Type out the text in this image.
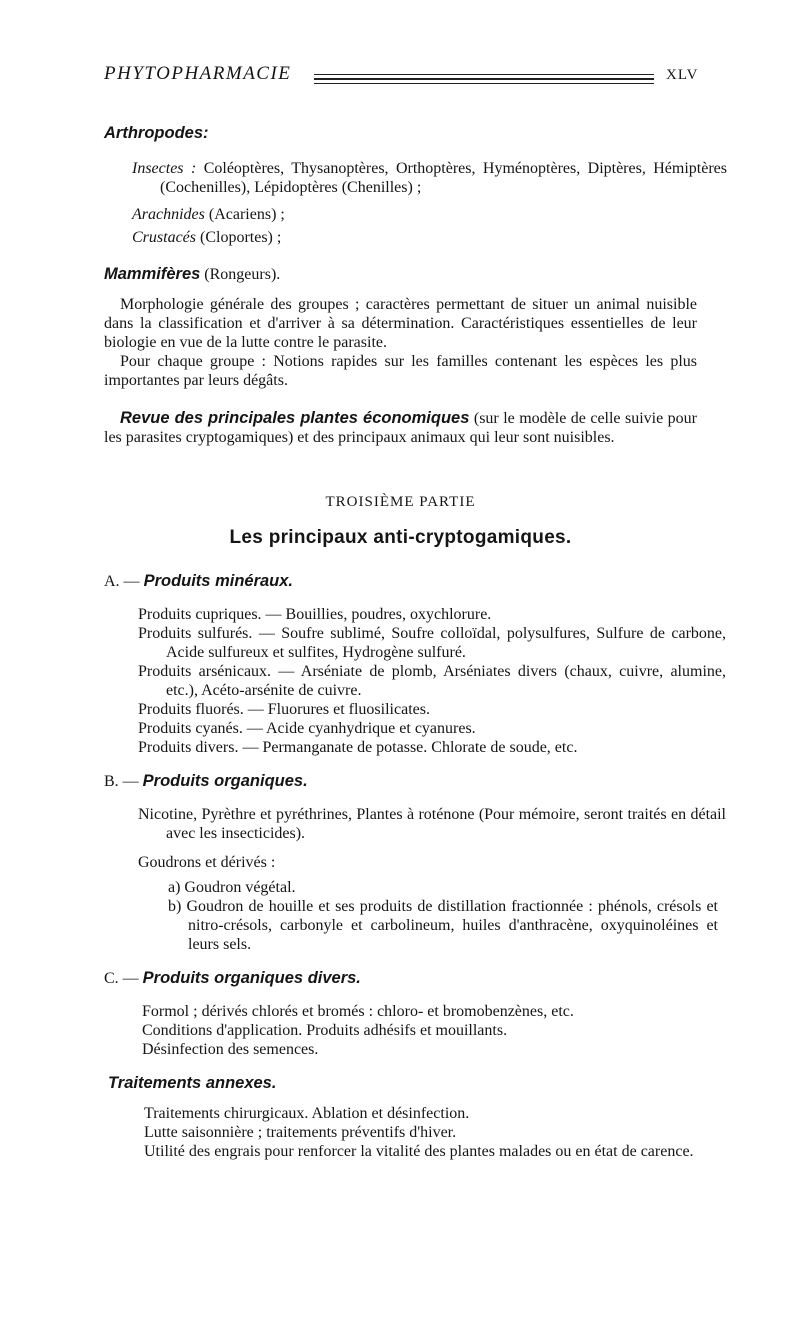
PHYTOPHARMACIE	XLV
Arthropodes:
Insectes : Coléoptères, Thysanoptères, Orthoptères, Hyménoptères, Diptères, Hémiptères (Cochenilles), Lépidoptères (Chenilles) ;
Arachnides (Acariens) ;
Crustacés (Cloportes) ;
Mammifères (Rongeurs).
Morphologie générale des groupes ; caractères permettant de situer un animal nuisible dans la classification et d'arriver à sa détermination. Caractéristiques essentielles de leur biologie en vue de la lutte contre le parasite.
Pour chaque groupe : Notions rapides sur les familles contenant les espèces les plus importantes par leurs dégâts.
Revue des principales plantes économiques (sur le modèle de celle suivie pour les parasites cryptogamiques) et des principaux animaux qui leur sont nuisibles.
TROISIÈME PARTIE
Les principaux anti-cryptogamiques.
A. — Produits minéraux.
Produits cupriques. — Bouillies, poudres, oxychlorure.
Produits sulfurés. — Soufre sublimé, Soufre colloïdal, polysulfures, Sulfure de carbone, Acide sulfureux et sulfites, Hydrogène sulfuré.
Produits arsénicaux. — Arséniate de plomb, Arséniates divers (chaux, cuivre, alumine, etc.), Acéto-arsénite de cuivre.
Produits fluorés. — Fluorures et fluosilicates.
Produits cyanés. — Acide cyanhydrique et cyanures.
Produits divers. — Permanganate de potasse. Chlorate de soude, etc.
B. — Produits organiques.
Nicotine, Pyrèthre et pyréthrines, Plantes à roténone (Pour mémoire, seront traités en détail avec les insecticides).
Goudrons et dérivés :
a) Goudron végétal.
b) Goudron de houille et ses produits de distillation fractionnée : phénols, crésols et nitro-crésols, carbonyle et carbolineum, huiles d'anthracène, oxyquinoléines et leurs sels.
C. — Produits organiques divers.
Formol ; dérivés chlorés et bromés : chloro- et bromobenzènes, etc.
Conditions d'application. Produits adhésifs et mouillants.
Désinfection des semences.
Traitements annexes.
Traitements chirurgicaux. Ablation et désinfection.
Lutte saisonnière ; traitements préventifs d'hiver.
Utilité des engrais pour renforcer la vitalité des plantes malades ou en état de carence.
